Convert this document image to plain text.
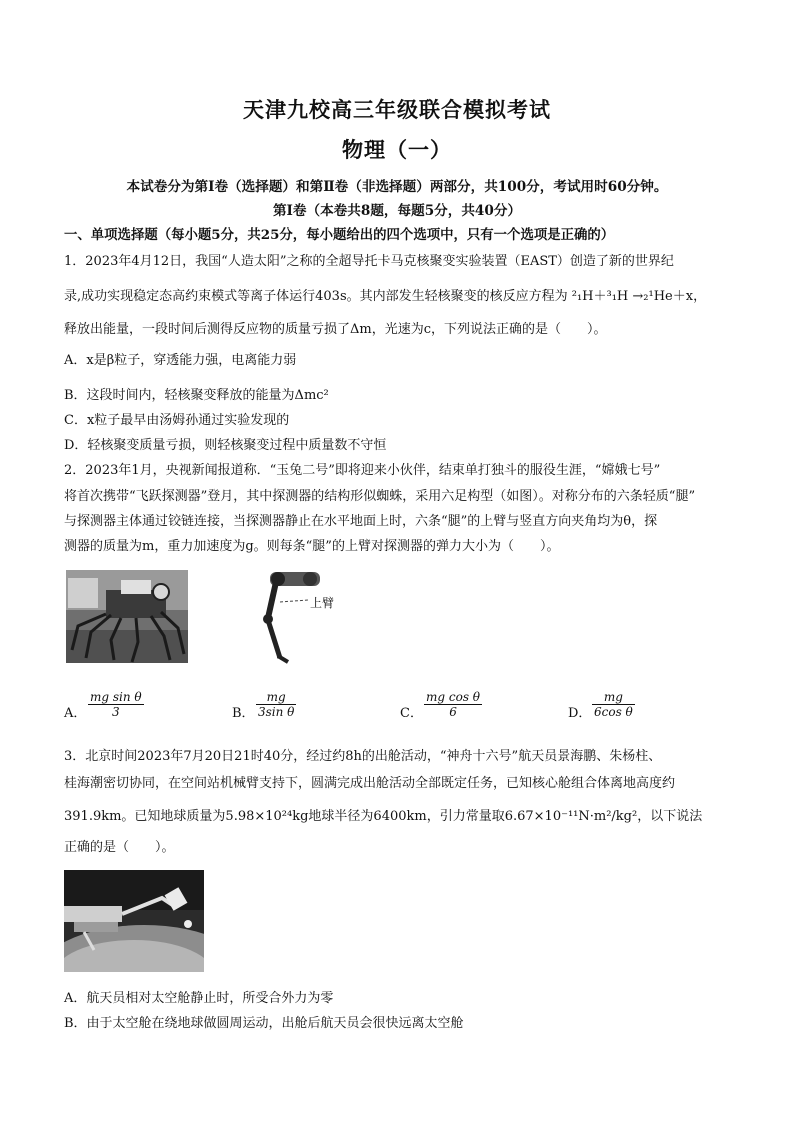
天津九校高三年级联合模拟考试
物理（一）
本试卷分为第Ⅰ卷（选择题）和第Ⅱ卷（非选择题）两部分，共100分，考试用时60分钟。
第Ⅰ卷（本卷共8题，每题5分，共40分）
一、单项选择题（每小题5分，共25分，每小题给出的四个选项中，只有一个选项是正确的）
1．2023年4月12日，我国“人造太阳”之称的全超导托卡马克核聚变实验装置（EAST）创造了新的世界纪
录,成功实现稳定态高约束模式等离子体运行403s。其内部发生轻核聚变的核反应方程为 ²₁H＋³₁H →₂¹He＋x，
释放出能量，一段时间后测得反应物的质量亏损了Δm，光速为c，下列说法正确的是（　　）。
A．x是β粒子，穿透能力强，电离能力弱
B．这段时间内，轻核聚变释放的能量为Δmc²
C．x粒子最早由汤姆孙通过实验发现的
D．轻核聚变质量亏损，则轻核聚变过程中质量数不守恒
2．2023年1月，央视新闻报道称．“玉兔二号”即将迎来小伙伴，结束单打独斗的服役生涯，“嫦娥七号”
将首次携带“飞跃探测器”登月，其中探测器的结构形似蜘蛛，采用六足构型（如图）。对称分布的六条轻质“腿”
与探测器主体通过铰链连接，当探测器静止在水平地面上时，六条“腿”的上臂与竖直方向夹角均为θ，探
测器的质量为m，重力加速度为g。则每条“腿”的上臂对探测器的弹力大小为（　　）。
上臂
A． $\frac{\text{mg sin θ}}{3}$	B． $\frac{mg}{\text{3sin θ}}$	C． $\frac{\text{mg cos θ}}{6}$	D． $\frac{mg}{\text{6cos θ}}$
3．北京时间2023年7月20日21时40分，经过约8h的出舱活动，“神舟十六号”航天员景海鹏、朱杨柱、
桂海潮密切协同，在空间站机械臂支持下，圆满完成出舱活动全部既定任务，已知核心舱组合体离地高度约
391.9km。已知地球质量为5.98×10²⁴kg地球半径为6400km，引力常量取6.67×10⁻¹¹N·m²/kg²，以下说法
正确的是（　　）。
A．航天员相对太空舱静止时，所受合外力为零
B．由于太空舱在绕地球做圆周运动，出舱后航天员会很快远离太空舱
